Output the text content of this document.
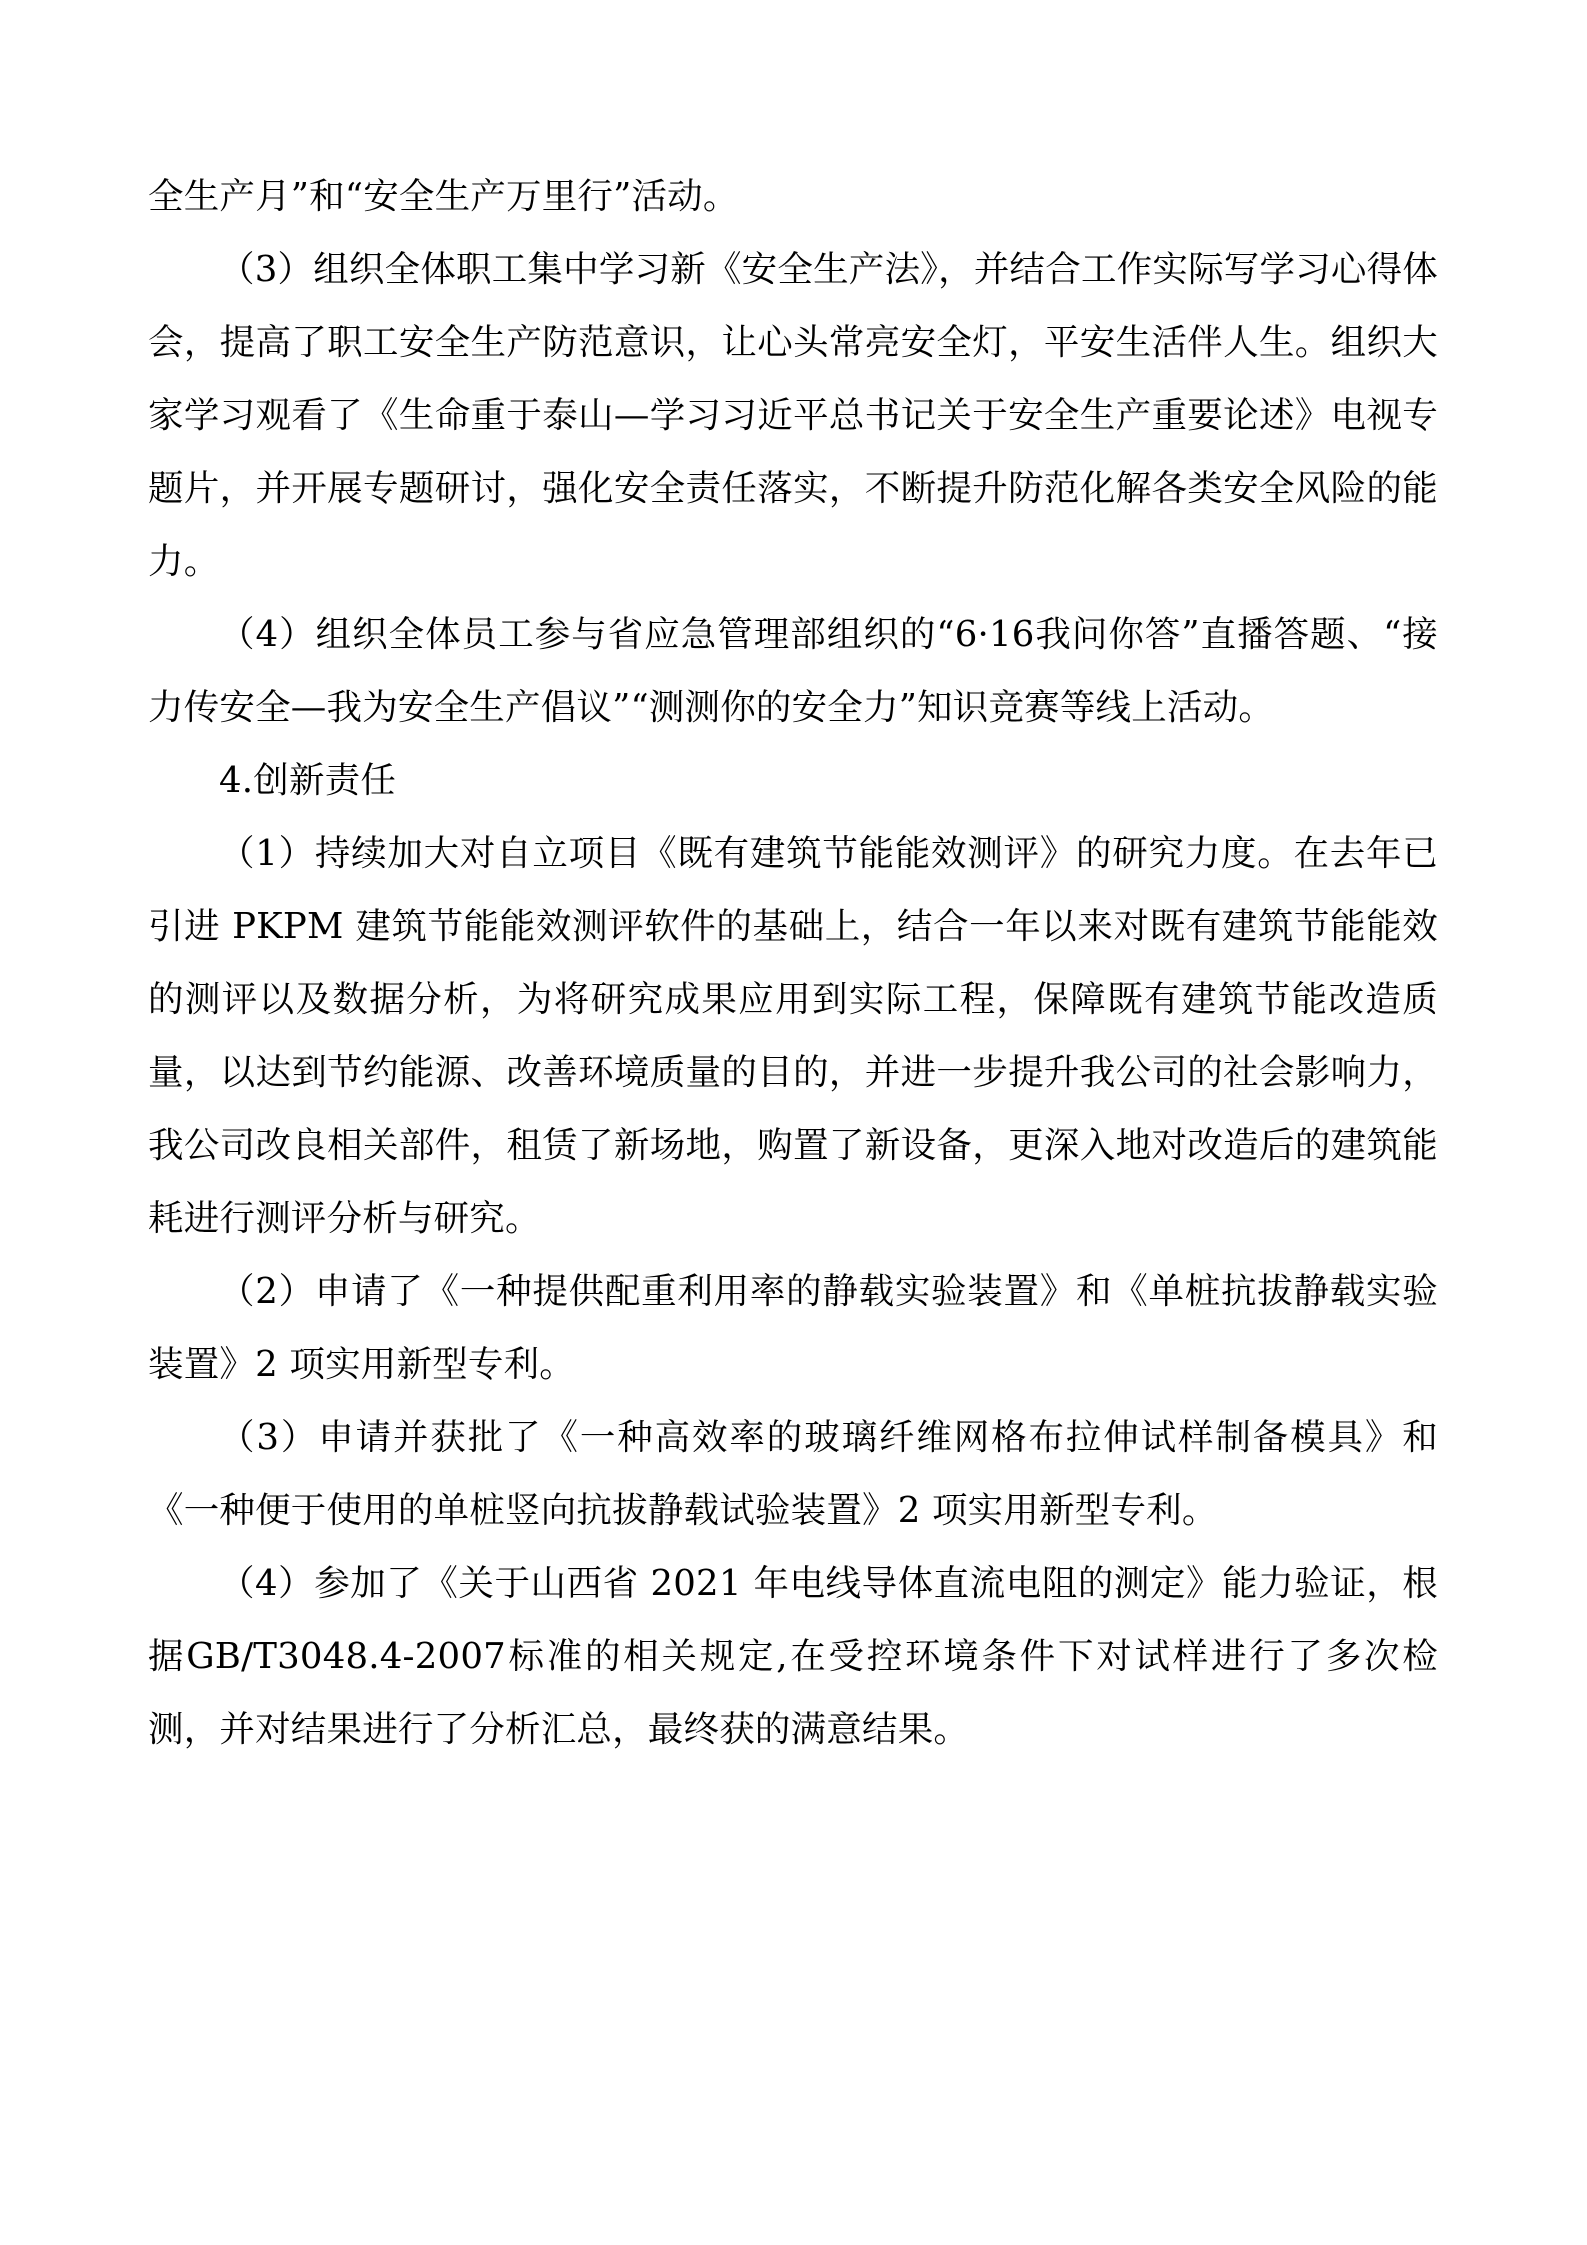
全生产月”和“安全生产万里行”活动。

（3）组织全体职工集中学习新《安全生产法》，并结合工作实际写学习心得体会，提高了职工安全生产防范意识，让心头常亮安全灯，平安生活伴人生。组织大家学习观看了《生命重于泰山—学习习近平总书记关于安全生产重要论述》电视专题片，并开展专题研讨，强化安全责任落实，不断提升防范化解各类安全风险的能力。

（4）组织全体员工参与省应急管理部组织的“6·16我问你答”直播答题、“接力传安全—我为安全生产倡议”“测测你的安全力”知识竞赛等线上活动。

4.创新责任

（1）持续加大对自立项目《既有建筑节能能效测评》的研究力度。在去年已引进 PKPM 建筑节能能效测评软件的基础上，结合一年以来对既有建筑节能能效的测评以及数据分析，为将研究成果应用到实际工程，保障既有建筑节能改造质量，以达到节约能源、改善环境质量的目的，并进一步提升我公司的社会影响力，我公司改良相关部件，租赁了新场地，购置了新设备，更深入地对改造后的建筑能耗进行测评分析与研究。

（2）申请了《一种提供配重利用率的静载实验装置》和《单桩抗拔静载实验装置》2 项实用新型专利。

（3）申请并获批了《一种高效率的玻璃纤维网格布拉伸试样制备模具》和《一种便于使用的单桩竖向抗拔静载试验装置》2 项实用新型专利。

（4）参加了《关于山西省 2021 年电线导体直流电阻的测定》能力验证，根据GB/T3048.4-2007标准的相关规定,在受控环境条件下对试样进行了多次检测，并对结果进行了分析汇总，最终获的满意结果。
